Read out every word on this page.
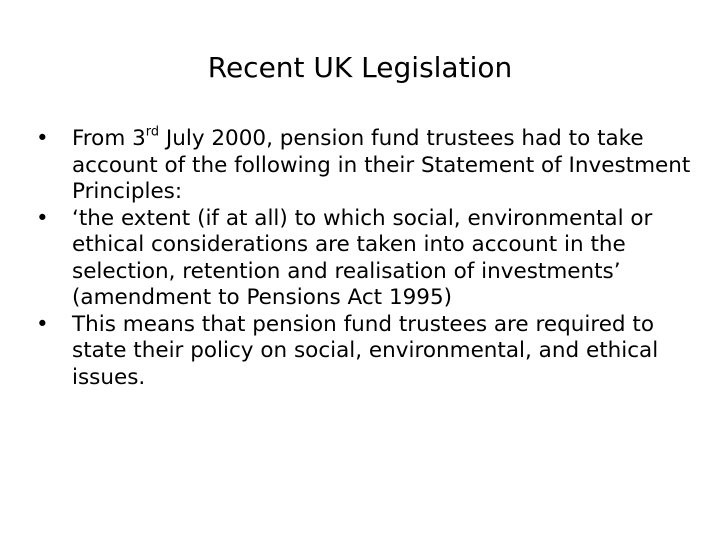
Recent UK Legislation
•	From 3rd July 2000, pension fund trustees had to take account of the following in their Statement of Investment Principles:
•	‘the extent (if at all) to which social, environmental or ethical considerations are taken into account in the selection, retention and realisation of investments’ (amendment to Pensions Act 1995)
•	This means that pension fund trustees are required to state their policy on social, environmental, and ethical issues.
